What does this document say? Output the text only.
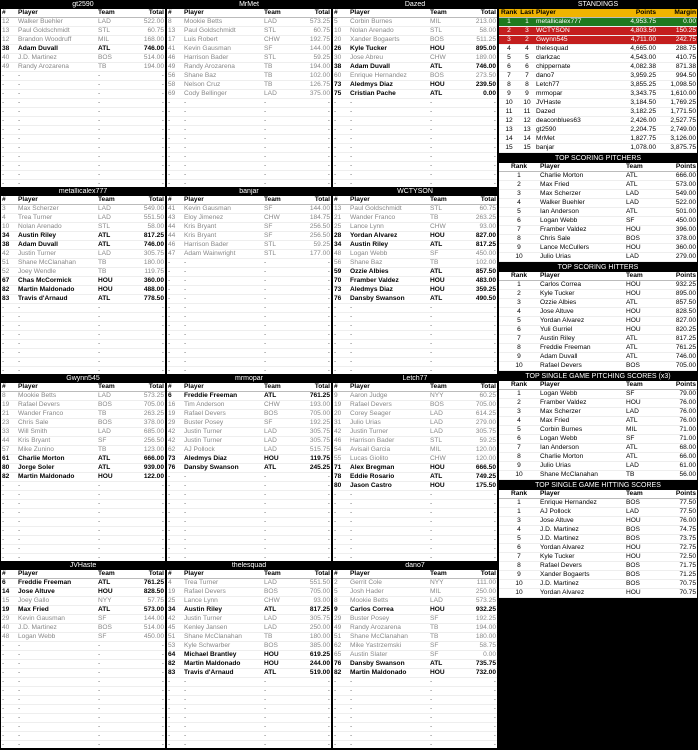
gt2590
#	Player	Team	Total
12	Walker Buehler	LAD	522.00
13	Paul Goldschmidt	STL	60.75
12	Brandon Woodruff	MIL	168.00
38	Adam Duvall	ATL	746.00
40	J.D. Martinez	BOS	514.00
49	Randy Arozarena	TB	194.00
-	-	-	-
-	-	-	-
-	-	-	-
-	-	-	-
-	-	-	-
-	-	-	-
-	-	-	-
-	-	-	-
-	-	-	-
-	-	-	-
-	-	-	-
-	-	-	-
-	-	-	-
MrMet
#	Player	Team	Total
8	Mookie Betts	LAD	573.25
13	Paul Goldschmidt	STL	60.75
17	Luis Robert	CHW	192.75
41	Kevin Gausman	SF	144.00
46	Harrison Bader	STL	59.25
49	Randy Arozarena	TB	194.00
56	Shane Baz	TB	102.00
58	Nelson Cruz	TB	126.75
69	Cody Bellinger	LAD	375.00
-	-	-	-
-	-	-	-
-	-	-	-
-	-	-	-
-	-	-	-
-	-	-	-
-	-	-	-
-	-	-	-
-	-	-	-
-	-	-	-
Dazed
#	Player	Team	Total
5	Corbin Burnes	MIL	213.00
10	Nolan Arenado	STL	58.00
20	Xander Bogaerts	BOS	511.25
26	Kyle Tucker	HOU	895.00
30	Jose Abreu	CHW	189.00
38	Adam Duvall	ATL	746.00
60	Enrique Hernandez	BOS	273.50
73	Aledmys Diaz	HOU	239.50
75	Cristian Pache	ATL	0.00
-	-	-	-
-	-	-	-
-	-	-	-
-	-	-	-
-	-	-	-
-	-	-	-
-	-	-	-
-	-	-	-
-	-	-	-
-	-	-	-
metallicalex777
#	Player	Team	Total
3	Max Scherzer	LAD	549.00
4	Trea Turner	LAD	551.50
10	Nolan Arenado	STL	58.00
34	Austin Riley	ATL	817.25
38	Adam Duvall	ATL	746.00
42	Justin Turner	LAD	305.75
51	Shane McClanahan	TB	180.00
52	Joey Wendle	TB	119.75
67	Chas McCormick	HOU	360.00
82	Martin Maldonado	HOU	488.00
83	Travis d'Arnaud	ATL	778.50
-	-	-	-
-	-	-	-
-	-	-	-
-	-	-	-
-	-	-	-
-	-	-	-
-	-	-	-
-	-	-	-
banjar
#	Player	Team	Total
41	Kevin Gausman	SF	144.00
43	Eloy Jimenez	CHW	184.75
44	Kris Bryant	SF	256.50
44	Kris Bryant	SF	256.50
46	Harrison Bader	STL	59.25
47	Adam Wainwright	STL	177.00
-	-	-	-
-	-	-	-
-	-	-	-
-	-	-	-
-	-	-	-
-	-	-	-
-	-	-	-
-	-	-	-
-	-	-	-
-	-	-	-
-	-	-	-
-	-	-	-
-	-	-	-
WCTYSON
#	Player	Team	Total
13	Paul Goldschmidt	STL	60.75
21	Wander Franco	TB	263.25
25	Lance Lynn	CHW	93.00
28	Yordan Alvarez	HOU	827.00
34	Austin Riley	ATL	817.25
48	Logan Webb	SF	450.00
56	Shane Baz	TB	102.00
59	Ozzie Albies	ATL	857.50
70	Framber Valdez	HOU	483.00
73	Aledmys Diaz	HOU	359.25
76	Dansby Swanson	ATL	490.50
-	-	-	-
-	-	-	-
-	-	-	-
-	-	-	-
-	-	-	-
-	-	-	-
-	-	-	-
-	-	-	-
Gwynn545
#	Player	Team	Total
8	Mookie Betts	LAD	573.25
19	Rafael Devers	BOS	705.00
21	Wander Franco	TB	263.25
23	Chris Sale	BOS	378.00
33	Will Smith	LAD	685.00
44	Kris Bryant	SF	256.50
57	Mike Zunino	TB	123.00
61	Charlie Morton	ATL	666.00
80	Jorge Soler	ATL	939.00
82	Martin Maldonado	HOU	122.00
-	-	-	-
-	-	-	-
-	-	-	-
-	-	-	-
-	-	-	-
-	-	-	-
-	-	-	-
-	-	-	-
-	-	-	-
mrmopar
#	Player	Team	Total
6	Freddie Freeman	ATL	761.25
16	Tim Anderson	CHW	193.00
19	Rafael Devers	BOS	705.00
29	Buster Posey	SF	192.25
42	Justin Turner	LAD	305.75
42	Justin Turner	LAD	305.75
62	AJ Pollock	LAD	515.75
73	Aledmys Diaz	HOU	119.75
76	Dansby Swanson	ATL	245.25
-	-	-	-
-	-	-	-
-	-	-	-
-	-	-	-
-	-	-	-
-	-	-	-
-	-	-	-
-	-	-	-
-	-	-	-
-	-	-	-
Letch77
#	Player	Team	Total
9	Aaron Judge	NYY	60.25
19	Rafael Devers	BOS	705.00
20	Corey Seager	LAD	614.25
31	Julio Urias	LAD	279.00
42	Justin Turner	LAD	305.75
46	Harrison Bader	STL	59.25
54	Avisail Garcia	MIL	120.00
55	Lucas Giolito	CHW	120.00
71	Alex Bregman	HOU	666.50
78	Eddie Rosario	ATL	749.25
80	Jason Castro	HOU	175.50
-	-	-	-
-	-	-	-
-	-	-	-
-	-	-	-
-	-	-	-
-	-	-	-
-	-	-	-
-	-	-	-
JVHaste
#	Player	Team	Total
6	Freddie Freeman	ATL	761.25
14	Jose Altuve	HOU	828.50
15	Joey Gallo	NYY	57.75
19	Max Fried	ATL	573.00
29	Kevin Gausman	SF	144.00
40	J.D. Martinez	BOS	514.00
48	Logan Webb	SF	450.00
-	-	-	-
-	-	-	-
-	-	-	-
-	-	-	-
-	-	-	-
-	-	-	-
-	-	-	-
-	-	-	-
-	-	-	-
-	-	-	-
-	-	-	-
-	-	-	-
thelesquad
#	Player	Team	Total
4	Trea Turner	LAD	551.50
19	Rafael Devers	BOS	705.00
25	Lance Lynn	CHW	93.00
34	Austin Riley	ATL	817.25
42	Justin Turner	LAD	305.75
45	Kenley Jansen	LAD	250.00
51	Shane McClanahan	TB	180.00
53	Kyle Schwarber	BOS	385.00
64	Michael Brantley	HOU	619.25
82	Martin Maldonado	HOU	244.00
83	Travis d'Arnaud	ATL	519.00
-	-	-	-
-	-	-	-
-	-	-	-
-	-	-	-
-	-	-	-
-	-	-	-
-	-	-	-
-	-	-	-
dano7
#	Player	Team	Total
2	Gerrit Cole	NYY	111.00
5	Josh Hader	MIL	250.00
8	Mookie Betts	LAD	573.25
9	Carlos Correa	HOU	932.25
29	Buster Posey	SF	192.25
49	Randy Arozarena	TB	194.00
51	Shane McClanahan	TB	180.00
62	Mike Yastrzemski	SF	58.75
65	Austin Slater	SF	0.00
76	Dansby Swanson	ATL	735.75
82	Martin Maldonado	HOU	732.00
-	-	-	-
-	-	-	-
-	-	-	-
-	-	-	-
-	-	-	-
-	-	-	-
-	-	-	-
-	-	-	-

STANDINGS
Rank	Last	Player	Points	Margin
1	1	metallicalex777	4,953.75	0.00
2	3	WCTYSON	4,803.50	150.25
3	2	Gwynn545	4,711.00	242.75
4	4	thelesquad	4,665.00	288.75
5	5	clarkzac	4,543.00	410.75
6	6	chippernate	4,082.38	871.38
7	7	dano7	3,959.25	994.50
8	8	Letch77	3,855.25	1,098.50
9	9	mrmopar	3,343.75	1,610.00
10	10	JVHaste	3,184.50	1,769.25
11	11	Dazed	3,182.25	1,771.50
12	12	deaconblues63	2,426.00	2,527.75
13	13	gt2590	2,204.75	2,749.00
14	14	MrMet	1,827.75	3,126.00
15	15	banjar	1,078.00	3,875.75
TOP SCORING PITCHERS
Rank	Player	Team	Points
1	Charlie Morton	ATL	666.00
2	Max Fried	ATL	573.00
3	Max Scherzer	LAD	549.00
4	Walker Buehler	LAD	522.00
5	Ian Anderson	ATL	501.00
6	Logan Webb	SF	450.00
7	Framber Valdez	HOU	396.00
8	Chris Sale	BOS	378.00
9	Lance McCullers	HOU	360.00
10	Julio Urias	LAD	279.00
TOP SCORING HITTERS
Rank	Player	Team	Points
1	Carlos Correa	HOU	932.25
2	Kyle Tucker	HOU	895.00
3	Ozzie Albies	ATL	857.50
4	Jose Altuve	HOU	828.50
5	Yordan Alvarez	HOU	827.00
6	Yuli Gurriel	HOU	820.25
7	Austin Riley	ATL	817.25
8	Freddie Freeman	ATL	761.25
9	Adam Duvall	ATL	746.00
10	Rafael Devers	BOS	705.00
TOP SINGLE GAME PITCHING SCORES (x3)
Rank	Player	Team	Points
1	Logan Webb	SF	79.00
2	Framber Valdez	HOU	76.00
3	Max Scherzer	LAD	76.00
4	Max Fried	ATL	76.00
5	Corbin Burnes	MIL	71.00
6	Logan Webb	SF	71.00
7	Ian Anderson	ATL	68.00
8	Charlie Morton	ATL	66.00
9	Julio Urias	LAD	61.00
10	Shane McClanahan	TB	56.00
TOP SINGLE GAME HITTING SCORES
Rank	Player	Team	Points
1	Enrique Hernandez	BOS	77.50
1	AJ Pollock	LAD	77.50
3	Jose Altuve	HOU	76.00
4	J.D. Martinez	BOS	74.75
5	J.D. Martinez	BOS	73.75
6	Yordan Alvarez	HOU	72.75
7	Kyle Tucker	HOU	72.50
8	Rafael Devers	BOS	71.75
9	Xander Bogaerts	BOS	71.25
10	J.D. Martinez	BOS	70.75
10	Yordan Alvarez	HOU	70.75
